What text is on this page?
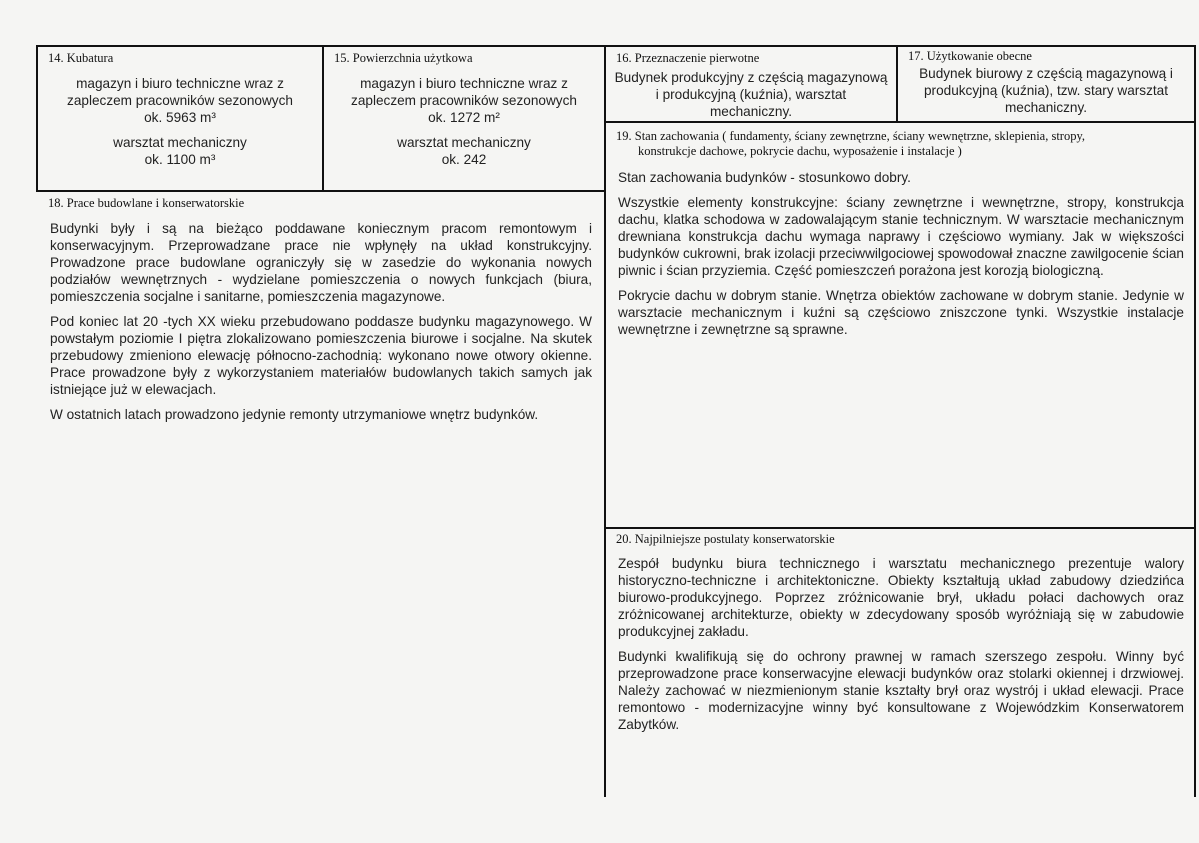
14. Kubatura

magazyn i biuro techniczne wraz z

zapleczem pracowników sezonowych

ok. 5963 m³

warsztat mechaniczny

ok. 1100 m³

15. Powierzchnia użytkowa

magazyn i biuro techniczne wraz z

zapleczem pracowników sezonowych

ok. 1272 m²

warsztat mechaniczny

ok. 242

16. Przeznaczenie pierwotne

Budynek produkcyjny z częścią magazynową

i produkcyjną (kuźnia), warsztat

mechaniczny.

17. Użytkowanie obecne

Budynek biurowy z częścią magazynową i

produkcyjną (kuźnia), tzw. stary warsztat

mechaniczny.

18. Prace budowlane i konserwatorskie

Budynki były i są na bieżąco poddawane koniecznym pracom remontowym i konserwacyjnym. Przeprowadzane prace nie wpłynęły na układ konstrukcyjny. Prowadzone prace budowlane ograniczyły się w zasedzie do wykonania nowych podziałów wewnętrznych - wydzielane pomieszczenia o nowych funkcjach (biura, pomieszczenia socjalne i sanitarne, pomieszczenia magazynowe.

Pod koniec lat 20 -tych XX wieku przebudowano poddasze budynku magazynowego. W powstałym poziomie I piętra zlokalizowano pomieszczenia biurowe i socjalne. Na skutek przebudowy zmieniono elewację północno-zachodnią: wykonano nowe otwory okienne. Prace prowadzone były z wykorzystaniem materiałów budowlanych takich samych jak istniejące już w elewacjach.

W ostatnich latach prowadzono jedynie remonty utrzymaniowe wnętrz budynków.

19. Stan zachowania ( fundamenty, ściany zewnętrzne, ściany wewnętrzne, sklepienia, stropy,
konstrukcje dachowe, pokrycie dachu, wyposażenie i instalacje )

Stan zachowania budynków - stosunkowo dobry.

Wszystkie elementy konstrukcyjne: ściany zewnętrzne i wewnętrzne, stropy, konstrukcja dachu, klatka schodowa w zadowalającym stanie technicznym. W warsztacie mechanicznym drewniana konstrukcja dachu wymaga naprawy i częściowo wymiany. Jak w większości budynków cukrowni, brak izolacji przeciwwilgociowej spowodował znaczne zawilgocenie ścian piwnic i ścian przyziemia. Część pomieszczeń porażona jest korozją biologiczną.

Pokrycie dachu w dobrym stanie. Wnętrza obiektów zachowane w dobrym stanie. Jedynie w warsztacie mechanicznym i kuźni są częściowo zniszczone tynki. Wszystkie instalacje wewnętrzne i zewnętrzne są sprawne.

20. Najpilniejsze postulaty konserwatorskie

Zespół budynku biura technicznego i warsztatu mechanicznego prezentuje walory historyczno-techniczne i architektoniczne. Obiekty kształtują układ zabudowy dziedzińca biurowo-produkcyjnego. Poprzez zróżnicowanie brył, układu połaci dachowych oraz zróżnicowanej architekturze, obiekty w zdecydowany sposób wyróżniają się w zabudowie produkcyjnej zakładu.

Budynki kwalifikują się do ochrony prawnej w ramach szerszego zespołu. Winny być przeprowadzone prace konserwacyjne elewacji budynków oraz stolarki okiennej i drzwiowej. Należy zachować w niezmienionym stanie kształty brył oraz wystrój i układ elewacji. Prace remontowo - modernizacyjne winny być konsultowane z Wojewódzkim Konserwatorem Zabytków.
